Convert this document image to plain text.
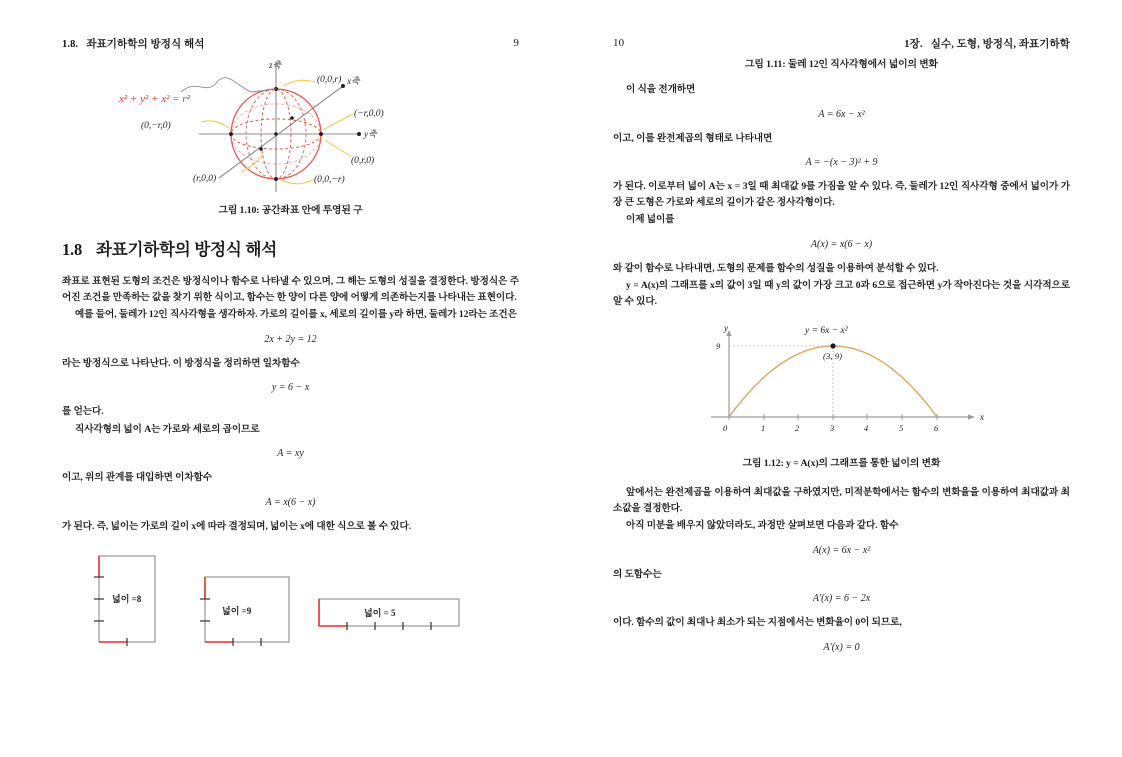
1.8.   좌표기하학의 방정식 해석	9
x² + y² + x² = r²
z축
x축
y축
(0,0,r)
(−r,0,0)
(0,r,0)
(0,0,−r)
(0,−r,0)
(r,0,0)
그림 1.10: 공간좌표 안에 투영된 구
1.8 좌표기하학의 방정식 해석

좌표로 표현된 도형의 조건은 방정식이나 함수로 나타낼 수 있으며, 그 해는 도형의 성질을 결정한다. 방정식은 주어진 조건을 만족하는 값을 찾기 위한 식이고, 함수는 한 양이 다른 양에 어떻게 의존하는지를 나타내는 표현이다.

예를 들어, 둘레가 12인 직사각형을 생각하자. 가로의 길이를 x, 세로의 길이를 y라 하면, 둘레가 12라는 조건은

2x + 2y = 12

라는 방정식으로 나타난다. 이 방정식을 정리하면 일차함수

y = 6 − x

를 얻는다.

직사각형의 넓이 A는 가로와 세로의 곱이므로

A = xy

이고, 위의 관계를 대입하면 이차함수

A = x(6 − x)

가 된다. 즉, 넓이는 가로의 길이 x에 따라 결정되며, 넓이는 x에 대한 식으로 볼 수 있다.

넓이 =8
넓이 =9	넓이 = 5
10	1장.   실수, 도형, 방정식, 좌표기하학
그림 1.11: 둘레 12인 직사각형에서 넓이의 변화

이 식을 전개하면

A = 6x − x²

이고, 이를 완전제곱의 형태로 나타내면

A = −(x − 3)² + 9

가 된다. 이로부터 넓이 A는 x = 3일 때 최대값 9를 가짐을 알 수 있다. 즉, 둘레가 12인 직사각형 중에서 넓이가 가장 큰 도형은 가로와 세로의 길이가 같은 정사각형이다.

이제 넓이를

A(x) = x(6 − x)

와 같이 함수로 나타내면, 도형의 문제를 함수의 성질을 이용하여 분석할 수 있다.

y = A(x)의 그래프를 x의 값이 3일 때 y의 값이 가장 크고 0과 6으로 접근하면 y가 작아진다는 것을 시각적으로 알 수 있다.

0	1	2	3	4	5	6
9
x
y	y = 6x − x²
(3, 9)
그림 1.12: y = A(x)의 그래프를 통한 넓이의 변화

앞에서는 완전제곱을 이용하여 최대값을 구하였지만, 미적분학에서는 함수의 변화율을 이용하여 최대값과 최소값을 결정한다.

아직 미분을 배우지 않았더라도, 과정만 살펴보면 다음과 같다. 함수

A(x) = 6x − x²

의 도함수는

A′(x) = 6 − 2x

이다. 함수의 값이 최대나 최소가 되는 지점에서는 변화율이 0이 되므로,

A′(x) = 0
